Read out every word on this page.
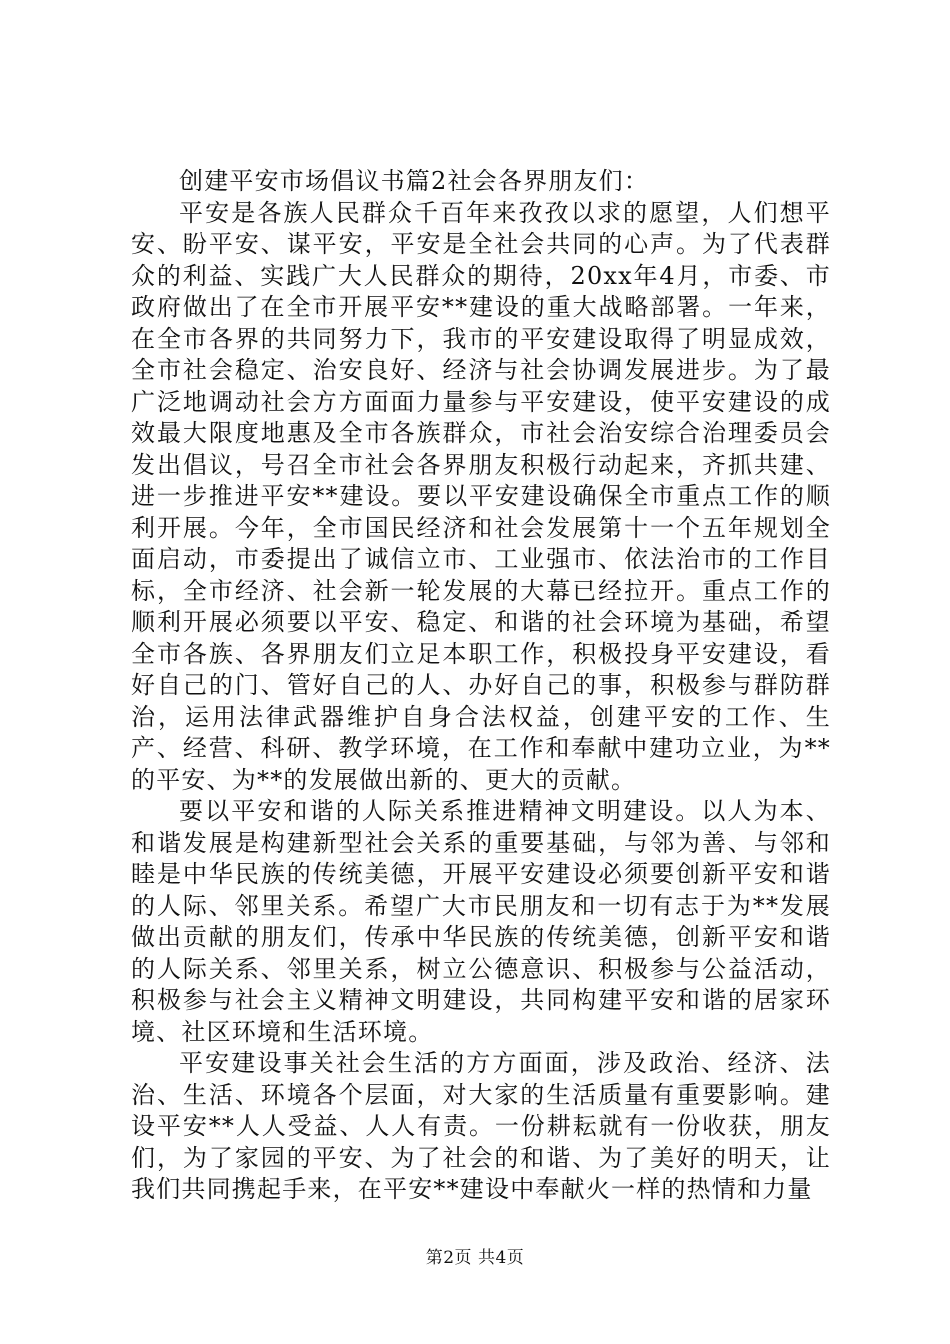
创建平安市场倡议书篇2社会各界朋友们：

平安是各族人民群众千百年来孜孜以求的愿望，人们想平安、盼平安、谋平安，平安是全社会共同的心声。为了代表群众的利益、实践广大人民群众的期待，20xx年4月，市委、市政府做出了在全市开展平安**建设的重大战略部署。一年来，在全市各界的共同努力下，我市的平安建设取得了明显成效，全市社会稳定、治安良好、经济与社会协调发展进步。为了最广泛地调动社会方方面面力量参与平安建设，使平安建设的成效最大限度地惠及全市各族群众，市社会治安综合治理委员会发出倡议，号召全市社会各界朋友积极行动起来，齐抓共建、进一步推进平安**建设。要以平安建设确保全市重点工作的顺利开展。今年，全市国民经济和社会发展第十一个五年规划全面启动，市委提出了诚信立市、工业强市、依法治市的工作目标，全市经济、社会新一轮发展的大幕已经拉开。重点工作的顺利开展必须要以平安、稳定、和谐的社会环境为基础，希望全市各族、各界朋友们立足本职工作，积极投身平安建设，看好自己的门、管好自己的人、办好自己的事，积极参与群防群治，运用法律武器维护自身合法权益，创建平安的工作、生产、经营、科研、教学环境，在工作和奉献中建功立业，为**的平安、为**的发展做出新的、更大的贡献。

要以平安和谐的人际关系推进精神文明建设。以人为本、和谐发展是构建新型社会关系的重要基础，与邻为善、与邻和睦是中华民族的传统美德，开展平安建设必须要创新平安和谐的人际、邻里关系。希望广大市民朋友和一切有志于为**发展做出贡献的朋友们，传承中华民族的传统美德，创新平安和谐的人际关系、邻里关系，树立公德意识、积极参与公益活动，积极参与社会主义精神文明建设，共同构建平安和谐的居家环境、社区环境和生活环境。

平安建设事关社会生活的方方面面，涉及政治、经济、法治、生活、环境各个层面，对大家的生活质量有重要影响。建设平安**人人受益、人人有责。一份耕耘就有一份收获，朋友们，为了家园的平安、为了社会的和谐、为了美好的明天，让我们共同携起手来，在平安**建设中奉献火一样的热情和力量

第2页 共4页
